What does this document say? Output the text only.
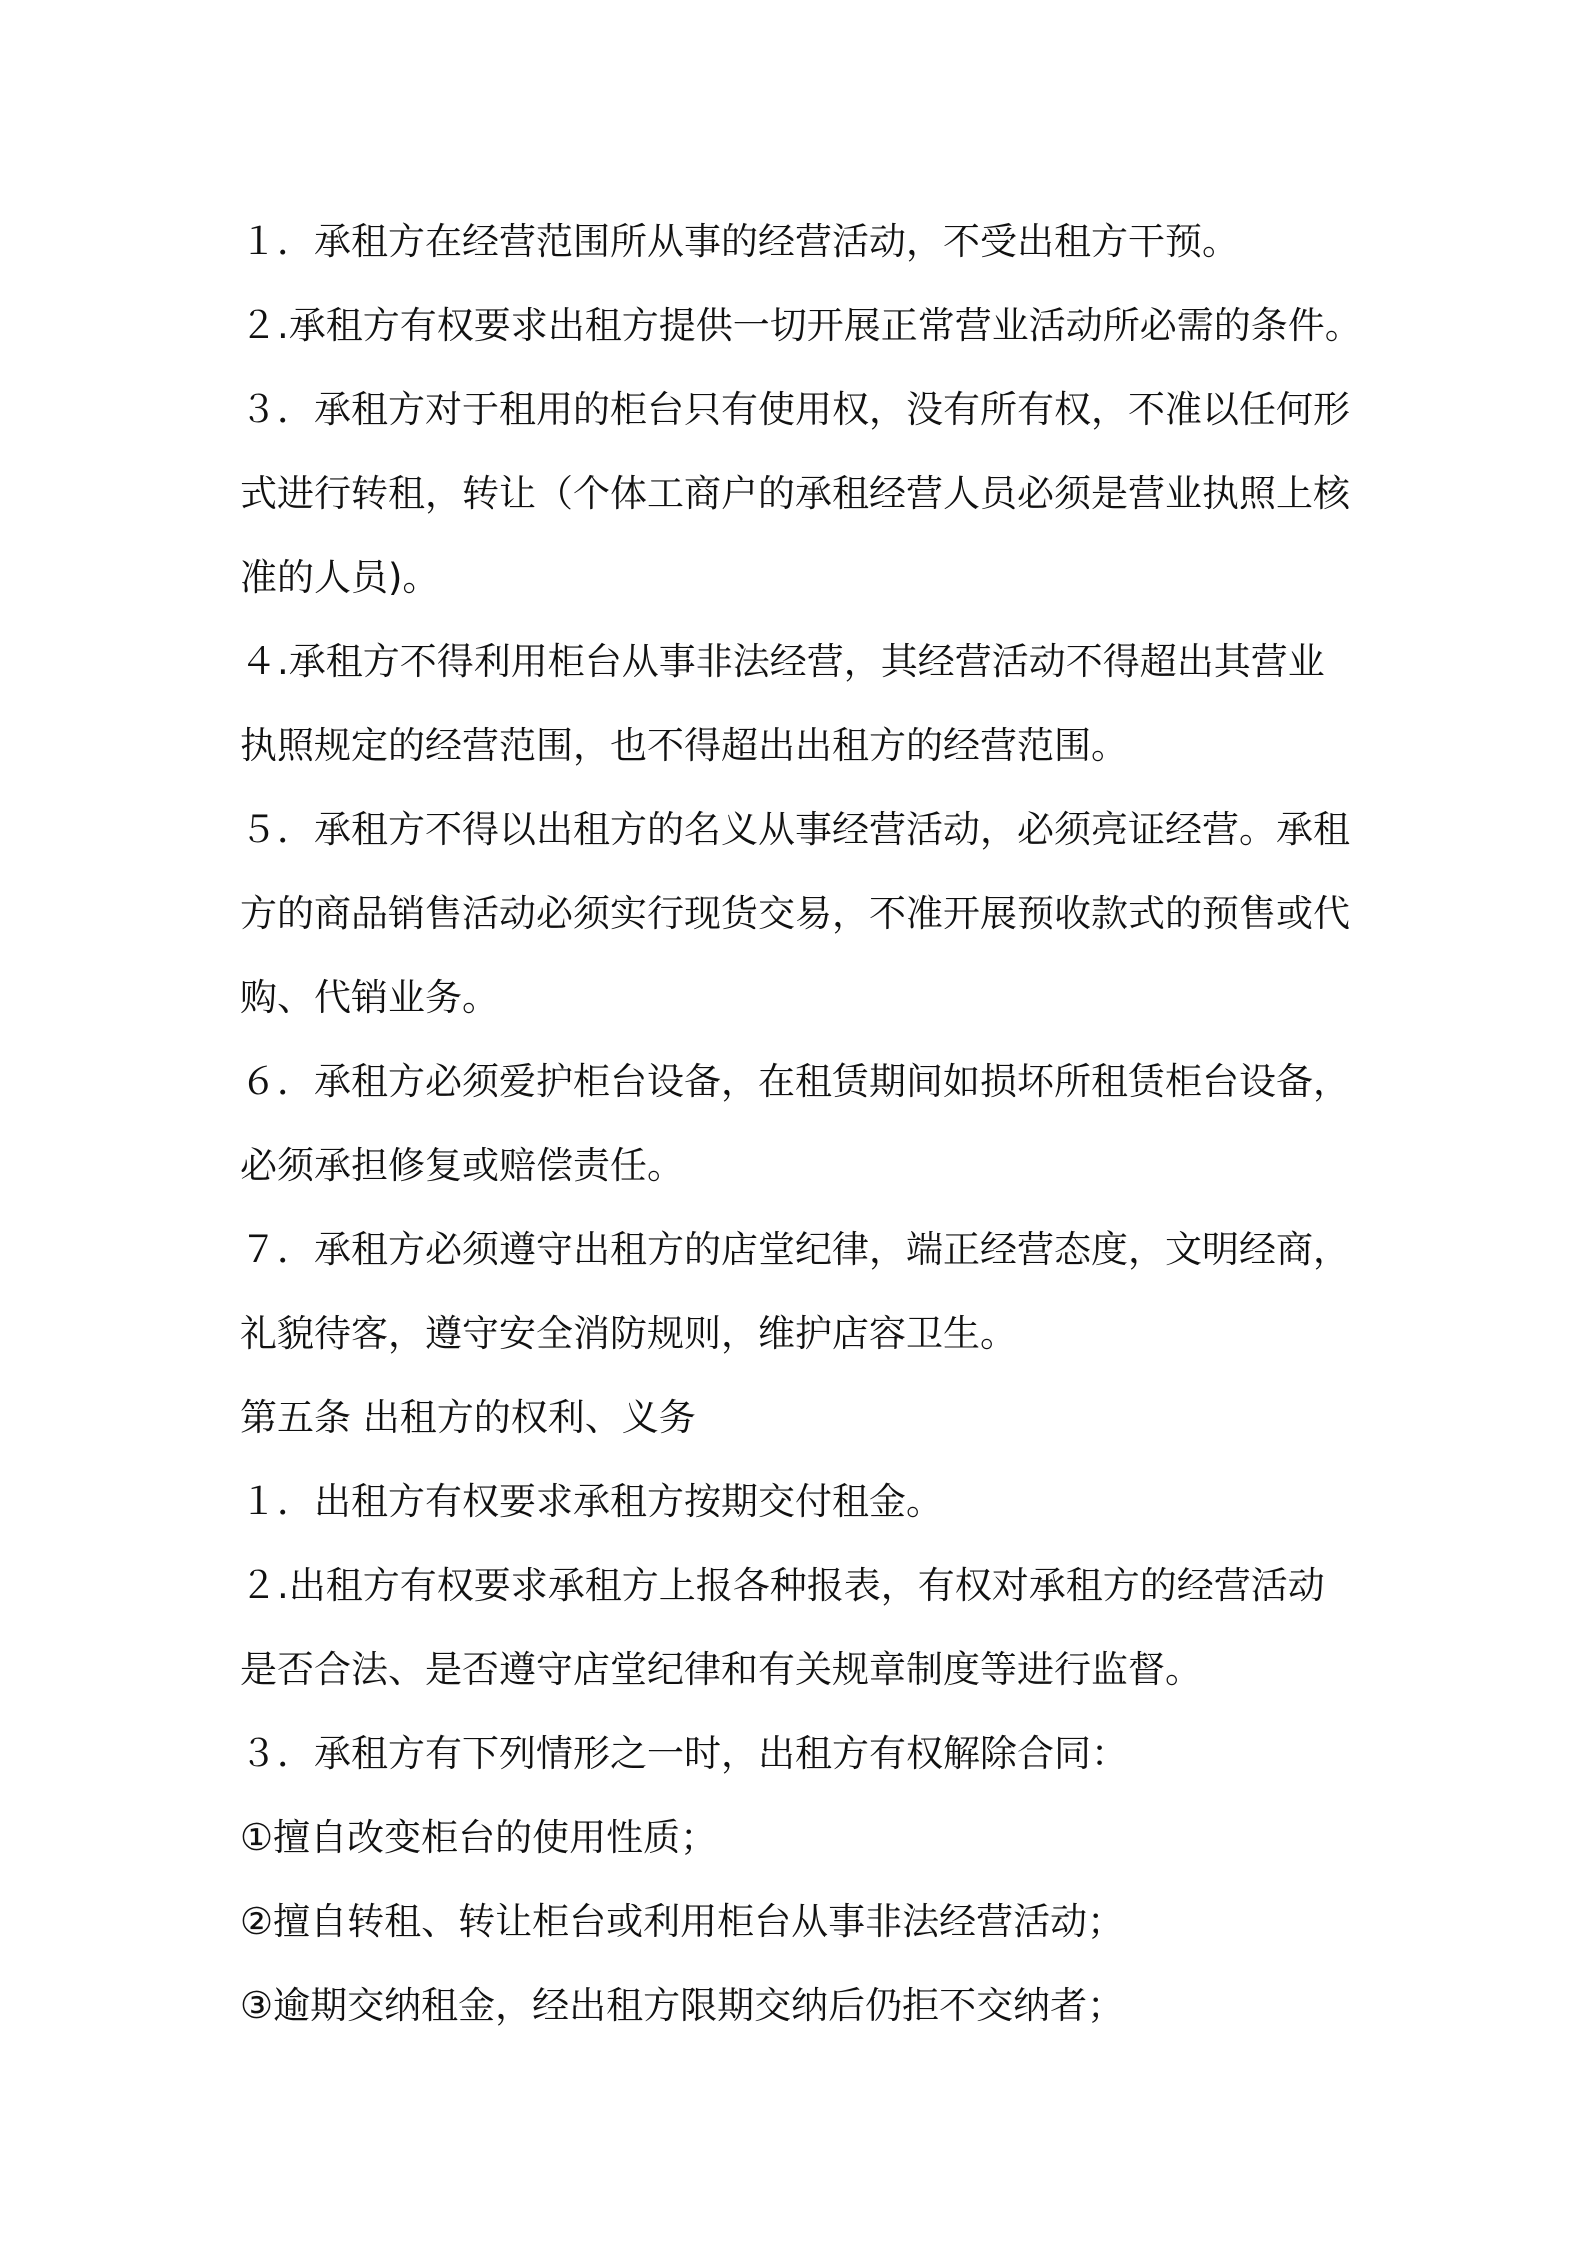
１．承租方在经营范围所从事的经营活动，不受出租方干预。
２.承租方有权要求出租方提供一切开展正常营业活动所必需的条件。
３．承租方对于租用的柜台只有使用权，没有所有权，不准以任何形
式进行转租，转让（个体工商户的承租经营人员必须是营业执照上核
准的人员)。
４.承租方不得利用柜台从事非法经营，其经营活动不得超出其营业
执照规定的经营范围，也不得超出出租方的经营范围。
５．承租方不得以出租方的名义从事经营活动，必须亮证经营。承租
方的商品销售活动必须实行现货交易，不准开展预收款式的预售或代
购、代销业务。
６．承租方必须爱护柜台设备，在租赁期间如损坏所租赁柜台设备，
必须承担修复或赔偿责任。
７．承租方必须遵守出租方的店堂纪律，端正经营态度，文明经商，
礼貌待客，遵守安全消防规则，维护店容卫生。
第五条 出租方的权利、义务
１．出租方有权要求承租方按期交付租金。
２.出租方有权要求承租方上报各种报表，有权对承租方的经营活动
是否合法、是否遵守店堂纪律和有关规章制度等进行监督。
３．承租方有下列情形之一时，出租方有权解除合同：
①擅自改变柜台的使用性质；
②擅自转租、转让柜台或利用柜台从事非法经营活动；
③逾期交纳租金，经出租方限期交纳后仍拒不交纳者；
